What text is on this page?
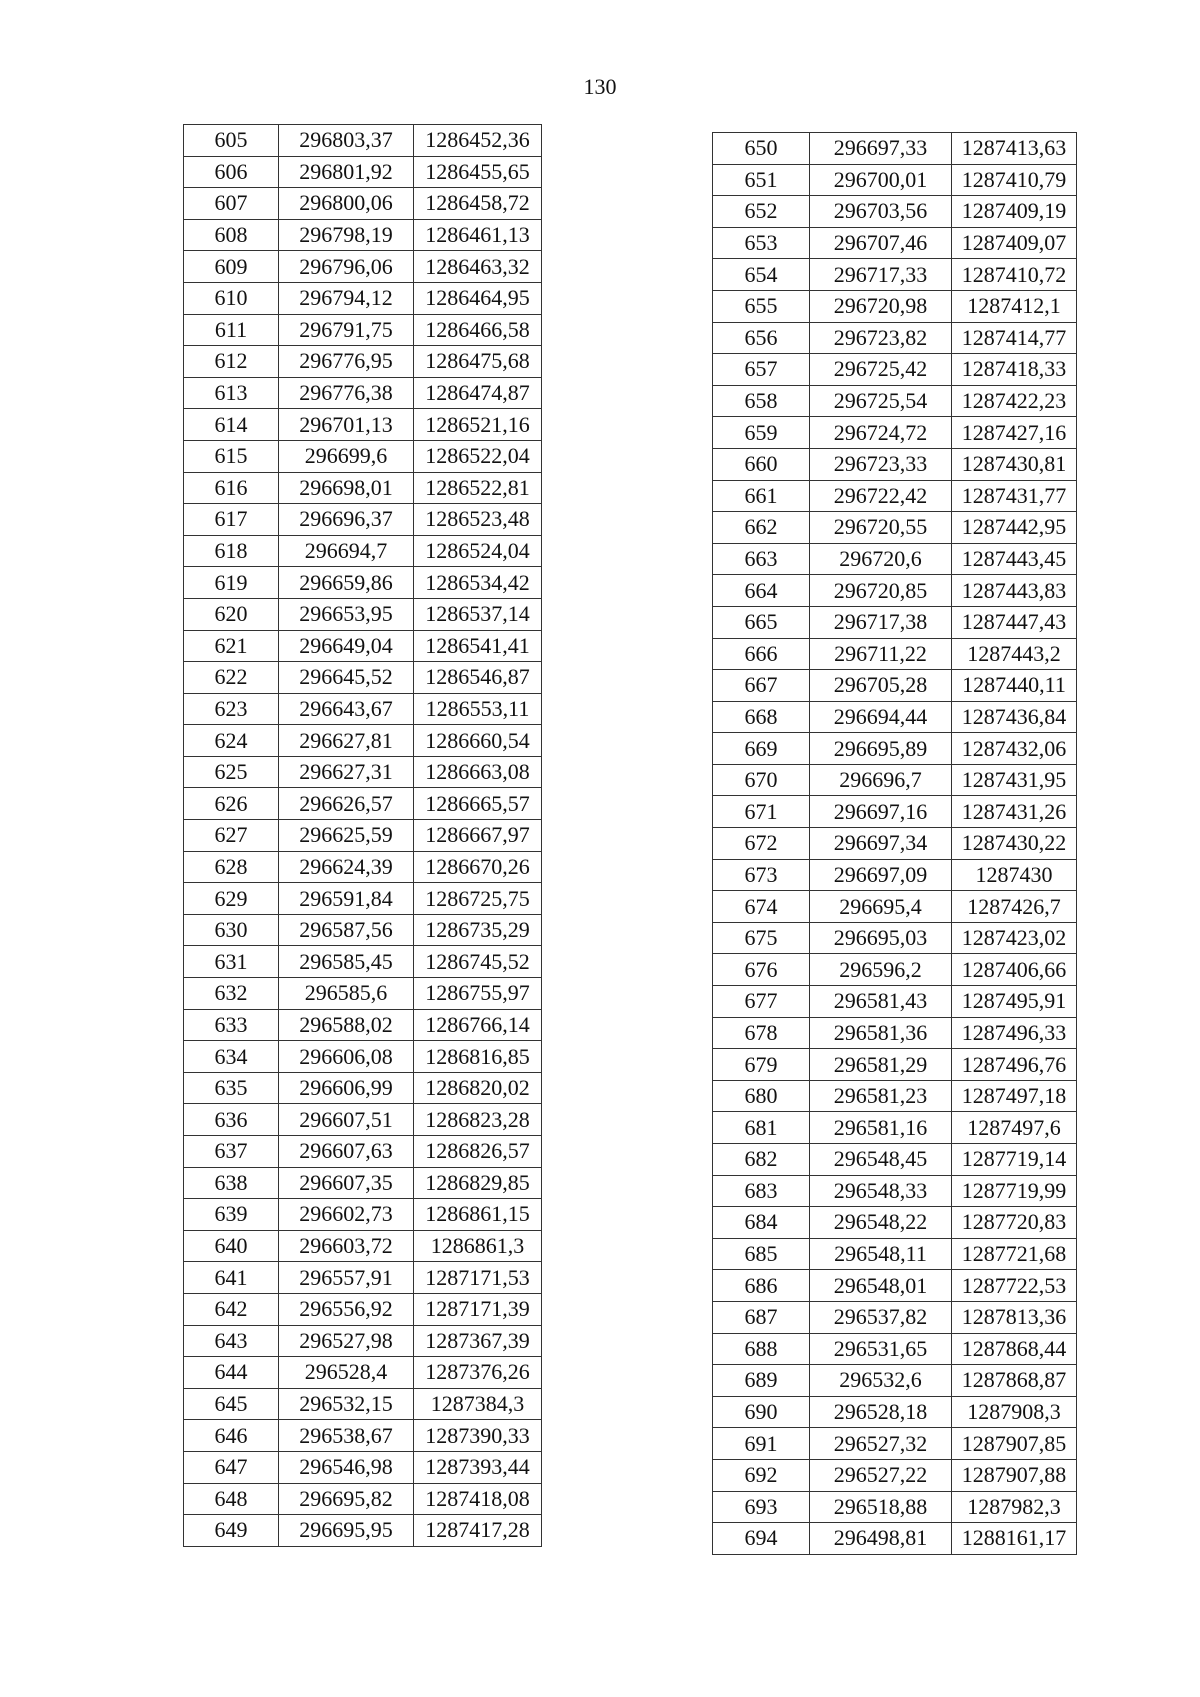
130
605	296803,37	1286452,36
606	296801,92	1286455,65
607	296800,06	1286458,72
608	296798,19	1286461,13
609	296796,06	1286463,32
610	296794,12	1286464,95
611	296791,75	1286466,58
612	296776,95	1286475,68
613	296776,38	1286474,87
614	296701,13	1286521,16
615	296699,6	1286522,04
616	296698,01	1286522,81
617	296696,37	1286523,48
618	296694,7	1286524,04
619	296659,86	1286534,42
620	296653,95	1286537,14
621	296649,04	1286541,41
622	296645,52	1286546,87
623	296643,67	1286553,11
624	296627,81	1286660,54
625	296627,31	1286663,08
626	296626,57	1286665,57
627	296625,59	1286667,97
628	296624,39	1286670,26
629	296591,84	1286725,75
630	296587,56	1286735,29
631	296585,45	1286745,52
632	296585,6	1286755,97
633	296588,02	1286766,14
634	296606,08	1286816,85
635	296606,99	1286820,02
636	296607,51	1286823,28
637	296607,63	1286826,57
638	296607,35	1286829,85
639	296602,73	1286861,15
640	296603,72	1286861,3
641	296557,91	1287171,53
642	296556,92	1287171,39
643	296527,98	1287367,39
644	296528,4	1287376,26
645	296532,15	1287384,3
646	296538,67	1287390,33
647	296546,98	1287393,44
648	296695,82	1287418,08
649	296695,95	1287417,28
650	296697,33	1287413,63
651	296700,01	1287410,79
652	296703,56	1287409,19
653	296707,46	1287409,07
654	296717,33	1287410,72
655	296720,98	1287412,1
656	296723,82	1287414,77
657	296725,42	1287418,33
658	296725,54	1287422,23
659	296724,72	1287427,16
660	296723,33	1287430,81
661	296722,42	1287431,77
662	296720,55	1287442,95
663	296720,6	1287443,45
664	296720,85	1287443,83
665	296717,38	1287447,43
666	296711,22	1287443,2
667	296705,28	1287440,11
668	296694,44	1287436,84
669	296695,89	1287432,06
670	296696,7	1287431,95
671	296697,16	1287431,26
672	296697,34	1287430,22
673	296697,09	1287430
674	296695,4	1287426,7
675	296695,03	1287423,02
676	296596,2	1287406,66
677	296581,43	1287495,91
678	296581,36	1287496,33
679	296581,29	1287496,76
680	296581,23	1287497,18
681	296581,16	1287497,6
682	296548,45	1287719,14
683	296548,33	1287719,99
684	296548,22	1287720,83
685	296548,11	1287721,68
686	296548,01	1287722,53
687	296537,82	1287813,36
688	296531,65	1287868,44
689	296532,6	1287868,87
690	296528,18	1287908,3
691	296527,32	1287907,85
692	296527,22	1287907,88
693	296518,88	1287982,3
694	296498,81	1288161,17
